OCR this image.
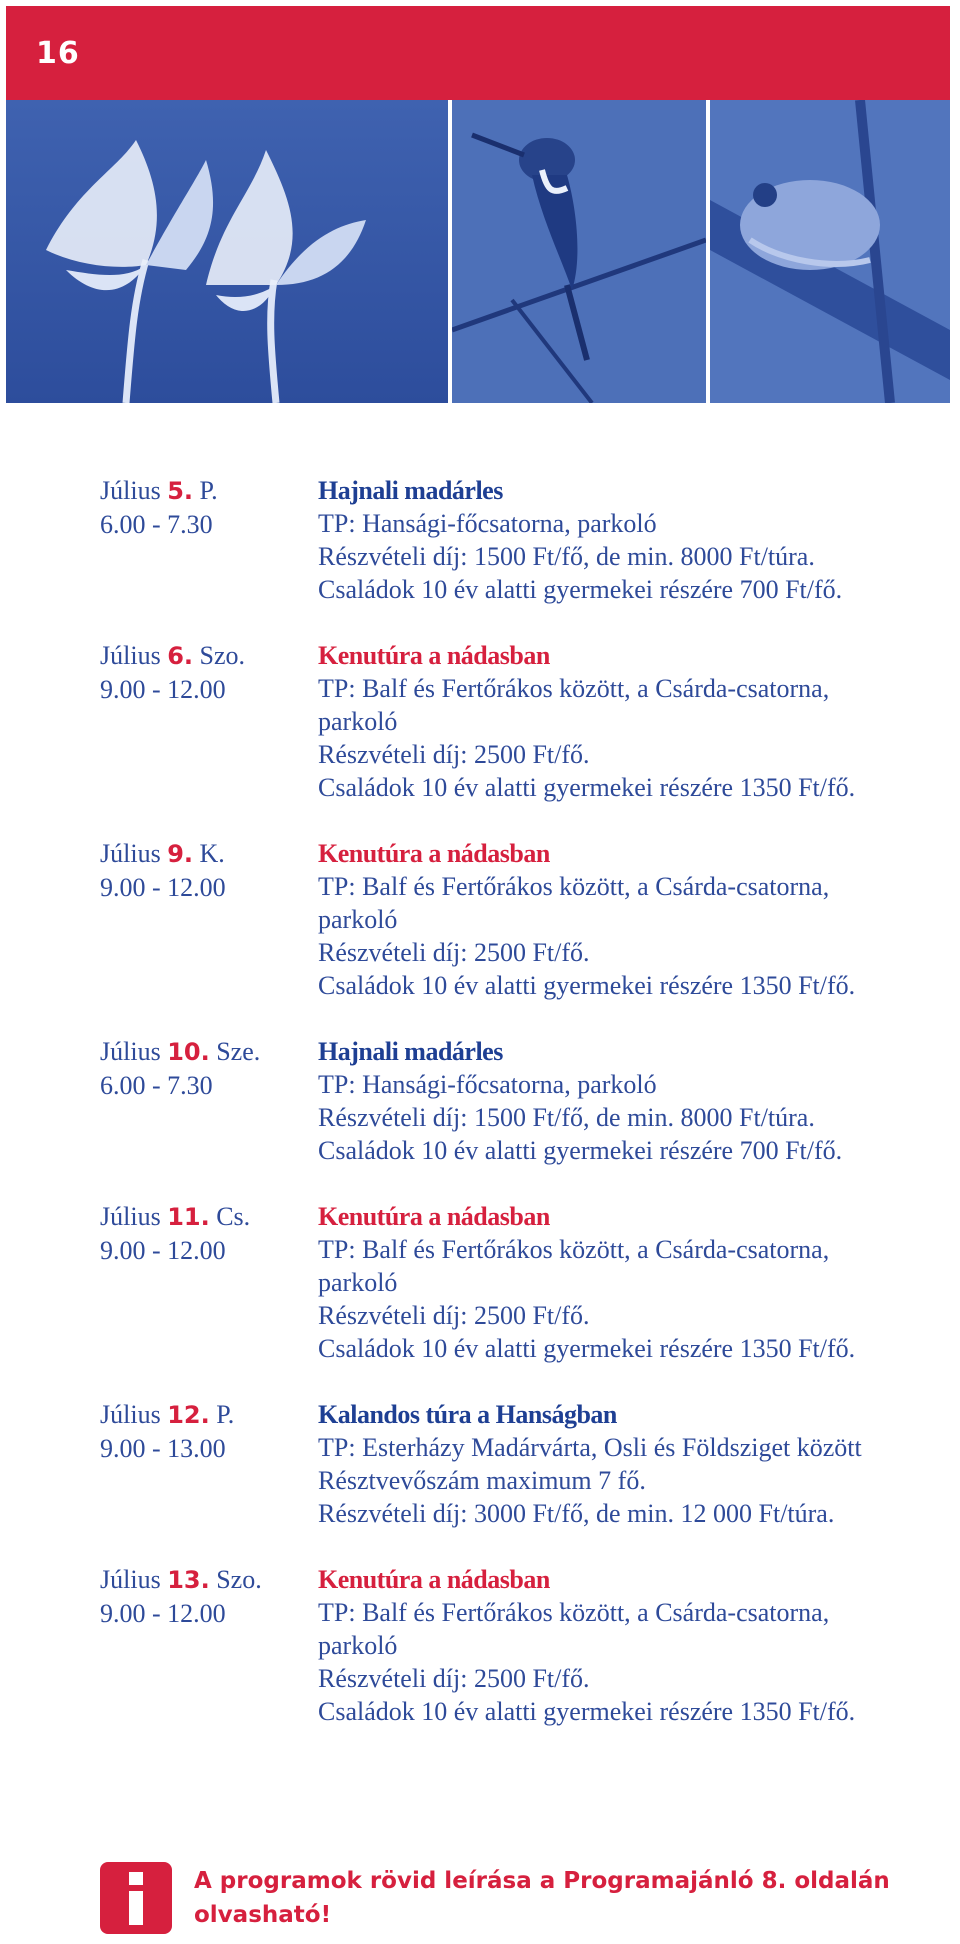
16
Július 5. P.
6.00 - 7.30
Hajnali madárles
TP: Hansági-főcsatorna, parkoló
Részvételi díj: 1500 Ft/fő, de min. 8000 Ft/túra.
Családok 10 év alatti gyermekei részére 700 Ft/fő.
Július 6. Szo.
9.00 - 12.00
Kenutúra a nádasban
TP: Balf és Fertőrákos között, a Csárda-csatorna,
parkoló
Részvételi díj: 2500 Ft/fő.
Családok 10 év alatti gyermekei részére 1350 Ft/fő.
Július 9. K.
9.00 - 12.00
Kenutúra a nádasban
TP: Balf és Fertőrákos között, a Csárda-csatorna,
parkoló
Részvételi díj: 2500 Ft/fő.
Családok 10 év alatti gyermekei részére 1350 Ft/fő.
Július 10. Sze.
6.00 - 7.30
Hajnali madárles
TP: Hansági-főcsatorna, parkoló
Részvételi díj: 1500 Ft/fő, de min. 8000 Ft/túra.
Családok 10 év alatti gyermekei részére 700 Ft/fő.
Július 11. Cs.
9.00 - 12.00
Kenutúra a nádasban
TP: Balf és Fertőrákos között, a Csárda-csatorna,
parkoló
Részvételi díj: 2500 Ft/fő.
Családok 10 év alatti gyermekei részére 1350 Ft/fő.
Július 12. P.
9.00 - 13.00
Kalandos túra a Hanságban
TP: Esterházy Madárvárta, Osli és Földsziget között
Résztvevőszám maximum 7 fő.
Részvételi díj: 3000 Ft/fő, de min. 12 000 Ft/túra.
Július 13. Szo.
9.00 - 12.00
Kenutúra a nádasban
TP: Balf és Fertőrákos között, a Csárda-csatorna,
parkoló
Részvételi díj: 2500 Ft/fő.
Családok 10 év alatti gyermekei részére 1350 Ft/fő.
A programok rövid leírása a Programajánló 8. oldalán
olvasható!
